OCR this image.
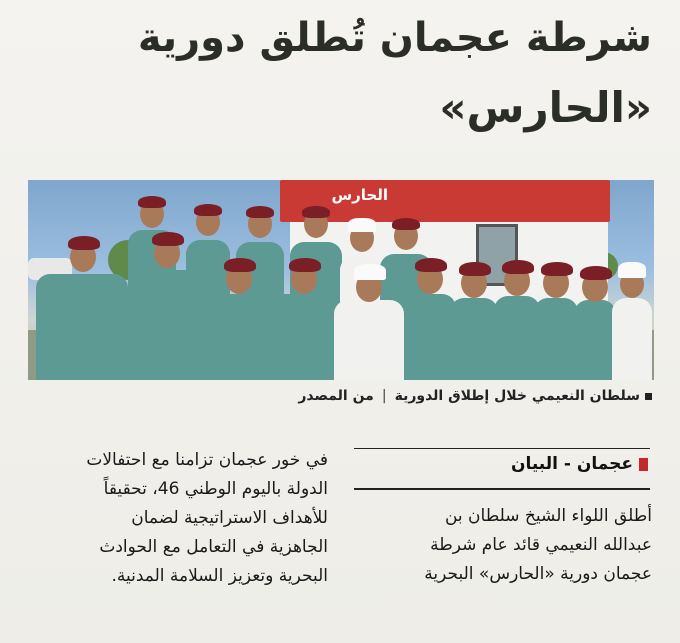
شرطة عجمان تُطلق دورية
«الحارس»
الحارس
سلطان النعيمي خلال إطلاق الدورية|من المصدر
عجمان - البيان

أطلق اللواء الشيخ سلطان بن

عبدالله النعيمي قائد عام شرطة

عجمان دورية «الحارس» البحرية

في خور عجمان تزامنا مع احتفالات

الدولة باليوم الوطني 46، تحقيقاً

للأهداف الاستراتيجية لضمان

الجاهزية في التعامل مع الحوادث

البحرية وتعزيز السلامة المدنية.
